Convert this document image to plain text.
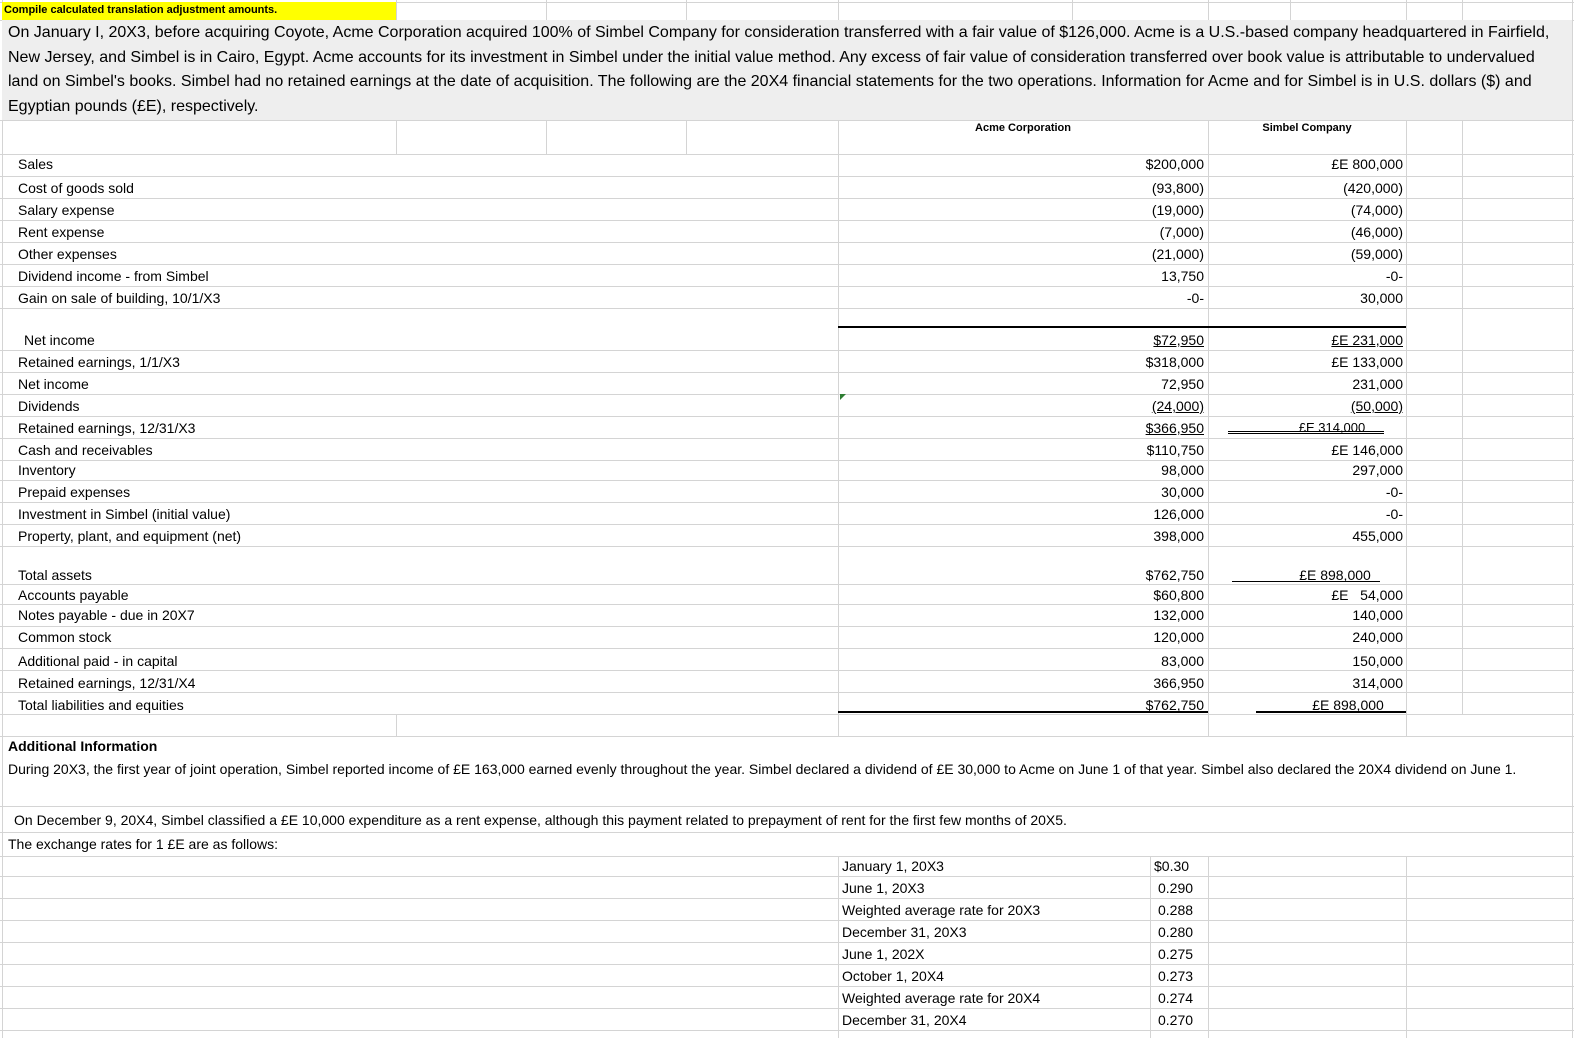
Compile calculated translation adjustment amounts.
On January I, 20X3, before acquiring Coyote, Acme Corporation acquired 100% of Simbel Company for consideration transferred with a fair value of $126,000. Acme is a U.S.-based company headquartered in Fairfield, New Jersey, and Simbel is in Cairo, Egypt. Acme accounts for its investment in Simbel under the initial value method. Any excess of fair value of consideration transferred over book value is attributable to undervalued land on Simbel's books. Simbel had no retained earnings at the date of acquisition. The following are the 20X4 financial statements for the two operations. Information for Acme and for Simbel is in U.S. dollars ($) and Egyptian pounds (£E), respectively.
Acme Corporation	Simbel Company
Sales
Cost of goods sold
Salary expense
Rent expense
Other expenses
Dividend income - from Simbel
Gain on sale of building, 10/1/X3
Net income
Retained earnings, 1/1/X3
Net income
Dividends
Retained earnings, 12/31/X3
Cash and receivables
Inventory
Prepaid expenses
Investment in Simbel (initial value)
Property, plant, and equipment (net)
Total assets
Accounts payable
Notes payable - due in 20X7
Common stock
Additional paid - in capital
Retained earnings, 12/31/X4
Total liabilities and equities
$200,000
(93,800)
(19,000)
(7,000)
(21,000)
13,750
-0-
$72,950
$318,000
72,950
(24,000)
$366,950
$110,750
98,000
30,000
126,000
398,000
$762,750
$60,800
132,000
120,000
83,000
366,950
$762,750
£E 800,000
(420,000)
(74,000)
(46,000)
(59,000)
-0-
30,000
£E 231,000
£E 133,000
231,000
(50,000)
£E 314,000
£E 146,000
297,000
-0-
-0-
455,000
£E 898,000
£E   54,000
140,000
240,000
150,000
314,000
£E 898,000
Additional Information
During 20X3, the first year of joint operation, Simbel reported income of £E 163,000 earned evenly throughout the year. Simbel declared a dividend of £E 30,000 to Acme on June 1 of that year. Simbel also declared the 20X4 dividend on June 1.
On December 9, 20X4, Simbel classified a £E 10,000 expenditure as a rent expense, although this payment related to prepayment of rent for the first few months of 20X5.
The exchange rates for 1 £E are as follows:
January 1, 20X3
June 1, 20X3
Weighted average rate for 20X3
December 31, 20X3
June 1, 202X
October 1, 20X4
Weighted average rate for 20X4
December 31, 20X4
$0.30
0.290
0.288
0.280
0.275
0.273
0.274
0.270
